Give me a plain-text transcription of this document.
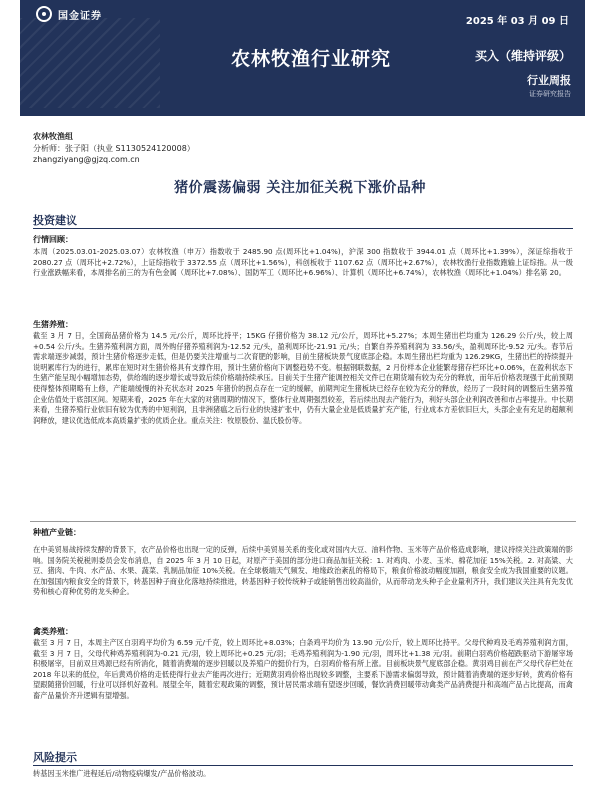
国金证券	2025 年 03 月 09 日
农林牧渔行业研究	买入（维持评级）
行业周报
证券研究报告
农林牧渔组
分析师：张子阳（执业 S1130524120008）
zhangziyang@gjzq.com.cn
猪价震荡偏弱 关注加征关税下涨价品种
投资建议
行情回顾：

本周（2025.03.01-2025.03.07）农林牧渔（申万）指数收于 2485.90 点(周环比+1.04%)，沪深 300 指数收于 3944.01 点（周环比+1.39%），深证综指收于 2080.27 点（周环比+2.72%），上证综指收于 3372.55 点（周环比+1.56%），科创板收于 1107.62 点（周环比+2.67%），农林牧渔行业指数跑输上证综指。从一级行业涨跌幅来看，本周排名前三的为有色金属（周环比+7.08%）、国防军工（周环比+6.96%）、计算机（周环比+6.74%），农林牧渔（周环比+1.04%）排名第 20。

生猪养殖：

截至 3 月 7 日，全国商品猪价格为 14.5 元/公斤，周环比持平；15KG 仔猪价格为 38.12 元/公斤，周环比+5.27%；本周生猪出栏均重为 126.29 公斤/头，较上周+0.54 公斤/头。生猪养殖利润方面，周外购仔猪养殖利润为-12.52 元/头，盈利周环比-21.91 元/头；自繁自养养殖利润为 33.56/头，盈利周环比-9.52 元/头。春节后需求端逐步减弱，预计生猪价格逐步走低，但是仍要关注增重与二次育肥的影响，目前生猪板块景气度底部企稳。本周生猪出栏均重为 126.29KG，生猪出栏的持续提升说明累库行为的进行，累库在短时对生猪价格具有支撑作用，预计生猪价格向下调整趋势不变。根据钢联数据，2 月份样本企业能繁母猪存栏环比+0.06%，在盈利状态下生猪产能呈现小幅增加态势，供给端的逐步增长或导致后续价格端持续承压。目前关于生猪产能调控相关文件已在期货端有较为充分的释放，而年后价格表现强于此前预期使得整体预期略有上修，产能端缓慢的补充状态对 2025 年猪价的拐点存在一定的缓解，前期判定生猪板块已经存在较为充分的释放，经历了一段时间的调整后生猪养殖企业估值处于底部区间。短期来看，2025 年在大家的对猪周期的情况下，整体行业周期强烈较差，若后续出现去产能行为，利好头部企业利润改善和市占率提升。中长期来看，生猪养殖行业依旧有较为优秀的中短利润，且非洲猪瘟之后行业的快速扩张中，仍有大量企业是低质量扩充产能，行业成本方差依旧巨大，头部企业有充足的超额利润释放，建议优选低成本高质量扩张的优质企业。重点关注：牧原股份、温氏股份等。

种植产业链：

在中美贸易战持续发酵的背景下，农产品价格也出现一定的反弹，后续中美贸易关系的变化或对国内大豆、油料作物、玉米等产品价格造成影响，建议持续关注政策端的影响。国务院关税税则委员会发布消息，自 2025 年 3 月 10 日起，对原产于美国的部分进口商品加征关税：1. 对鸡肉、小麦、玉米、棉花加征 15%关税。2. 对高粱、大豆、猪肉、牛肉、水产品、水果、蔬菜、乳制品加征 10%关税。在全球极端天气频发、地缘政治紊乱的格局下，粮食价格波动幅度加剧，粮食安全成为我国重要的议题。在加强国内粮食安全的背景下，转基因种子商业化落地持续推进，转基因种子较传统种子或能销售出较高溢价，从而带动龙头种子企业量利齐升，我们建议关注具有先发优势和核心育种优势的龙头种企。

禽类养殖：

截至 3 月 7 日，本周主产区白羽鸡平均价为 6.59 元/千克，较上周环比+8.03%；白条鸡平均价为 13.90 元/公斤，较上周环比持平。父母代种鸡及毛鸡养殖利润方面，截至 3 月 7 日，父母代种鸡养殖利润为-0.21 元/羽，较上周环比+0.25 元/羽；毛鸡养殖利润为-1.90 元/羽，周环比+1.38 元/羽。前期白羽鸡价格超跌驱动下游屠宰场积极屠宰，目前双旦鸡源已经有所消化，随着消费端的逐步回暖以及养殖户的挺价行为，白羽鸡价格有所上涨。目前板块景气度底部企稳。黄羽鸡目前在产父母代存栏处在 2018 年以来的低位，年后黄鸡价格的走低使得行业去产能再次进行；近期黄羽鸡价格出现较多调整，主要系下游需求偏弱导致，预计随着消费端的逐步好转，黄鸡价格有望跟随猪价回暖，行业可以择机好盈利。展望全年，随着宏观政策的调整，预计居民需求端有望逐步回暖，餐饮消费回暖带动禽类产品消费提升和高端产品占比提高，而禽畜产品量价齐升逻辑有望增强。

风险提示

转基因玉米推广进程延后/动物疫病爆发/产品价格波动。
